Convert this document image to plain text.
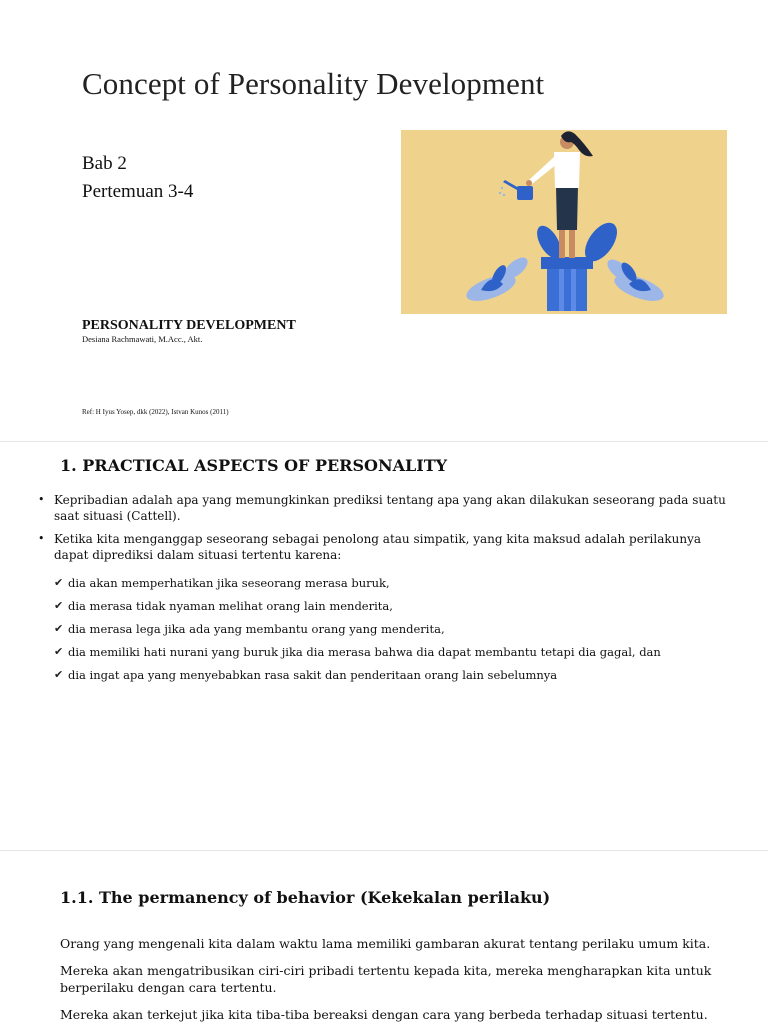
Concept of Personality Development
Bab 2
Pertemuan 3-4
PERSONALITY DEVELOPMENT
Desiana Rachmawati, M.Acc., Akt.
Ref: H Iyus Yosep, dkk (2022), Istvan Kunos (2011)
1. PRACTICAL ASPECTS OF PERSONALITY
• Kepribadian adalah apa yang memungkinkan prediksi tentang apa yang akan dilakukan seseorang pada suatu saat situasi (Cattell).
• Ketika kita menganggap seseorang sebagai penolong atau simpatik, yang kita maksud adalah perilakunya dapat diprediksi dalam situasi tertentu karena:
✔ dia akan memperhatikan jika seseorang merasa buruk,
✔ dia merasa tidak nyaman melihat orang lain menderita,
✔ dia merasa lega jika ada yang membantu orang yang menderita,
✔ dia memiliki hati nurani yang buruk jika dia merasa bahwa dia dapat membantu tetapi dia gagal, dan
✔ dia ingat apa yang menyebabkan rasa sakit dan penderitaan orang lain sebelumnya
1.1. The permanency of behavior (Kekekalan perilaku)
Orang yang mengenali kita dalam waktu lama memiliki gambaran akurat tentang perilaku umum kita.
Mereka akan mengatribusikan ciri-ciri pribadi tertentu kepada kita, mereka mengharapkan kita untuk berperilaku dengan cara tertentu.
Mereka akan terkejut jika kita tiba-tiba bereaksi dengan cara yang berbeda terhadap situasi tertentu.
